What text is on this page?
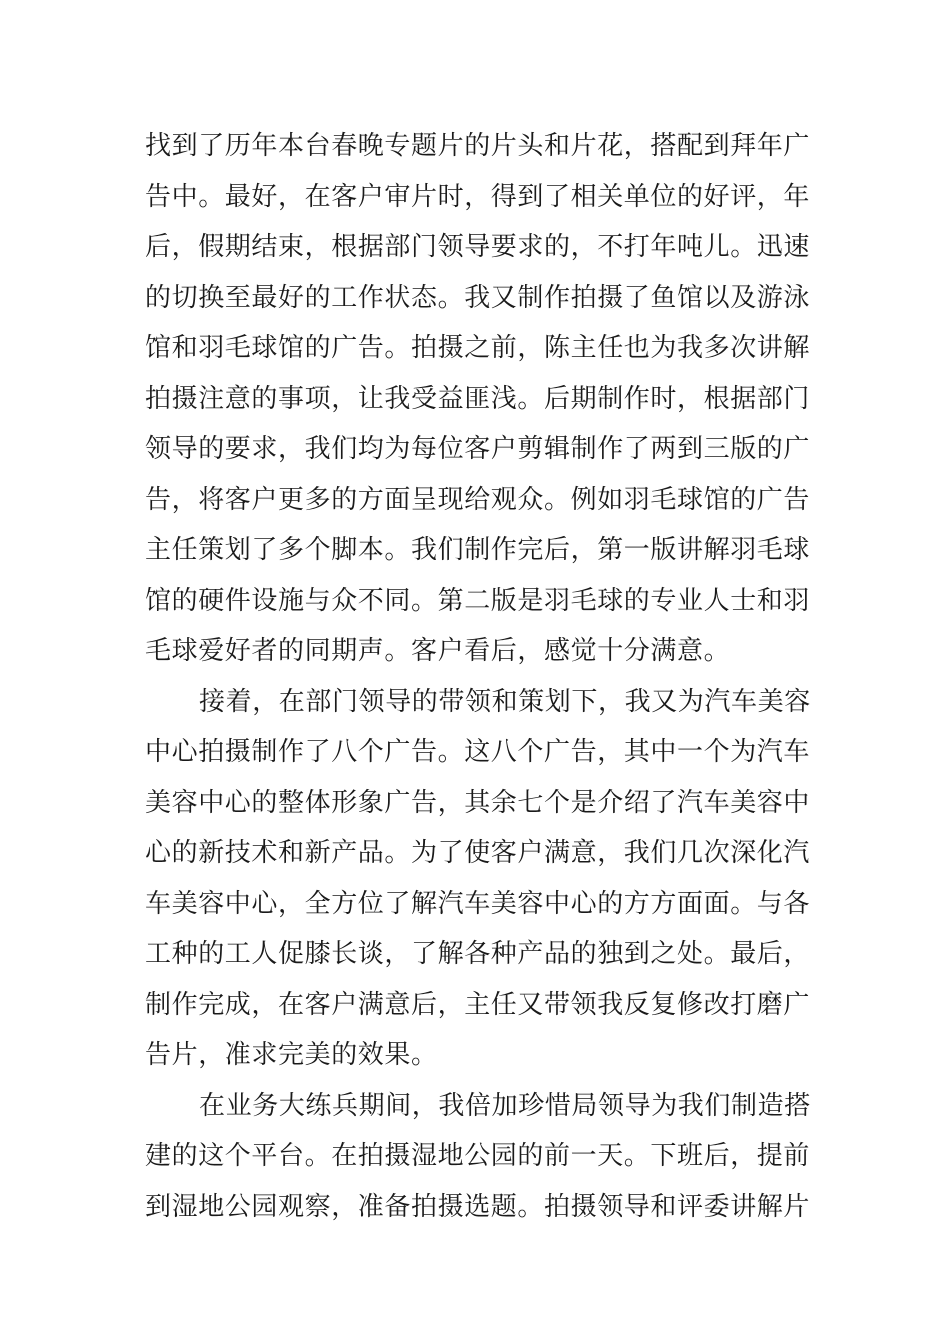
找到了历年本台春晚专题片的片头和片花，搭配到拜年广
告中。最好，在客户审片时，得到了相关单位的好评，年
后，假期结束，根据部门领导要求的，不打年吨儿。迅速
的切换至最好的工作状态。我又制作拍摄了鱼馆以及游泳
馆和羽毛球馆的广告。拍摄之前，陈主任也为我多次讲解
拍摄注意的事项，让我受益匪浅。后期制作时，根据部门
领导的要求，我们均为每位客户剪辑制作了两到三版的广
告，将客户更多的方面呈现给观众。例如羽毛球馆的广告
主任策划了多个脚本。我们制作完后，第一版讲解羽毛球
馆的硬件设施与众不同。第二版是羽毛球的专业人士和羽
毛球爱好者的同期声。客户看后，感觉十分满意。
接着，在部门领导的带领和策划下，我又为汽车美容
中心拍摄制作了八个广告。这八个广告，其中一个为汽车
美容中心的整体形象广告，其余七个是介绍了汽车美容中
心的新技术和新产品。为了使客户满意，我们几次深化汽
车美容中心，全方位了解汽车美容中心的方方面面。与各
工种的工人促膝长谈，了解各种产品的独到之处。最后，
制作完成，在客户满意后，主任又带领我反复修改打磨广
告片，准求完美的效果。
在业务大练兵期间，我倍加珍惜局领导为我们制造搭
建的这个平台。在拍摄湿地公园的前一天。下班后，提前
到湿地公园观察，准备拍摄选题。拍摄领导和评委讲解片
